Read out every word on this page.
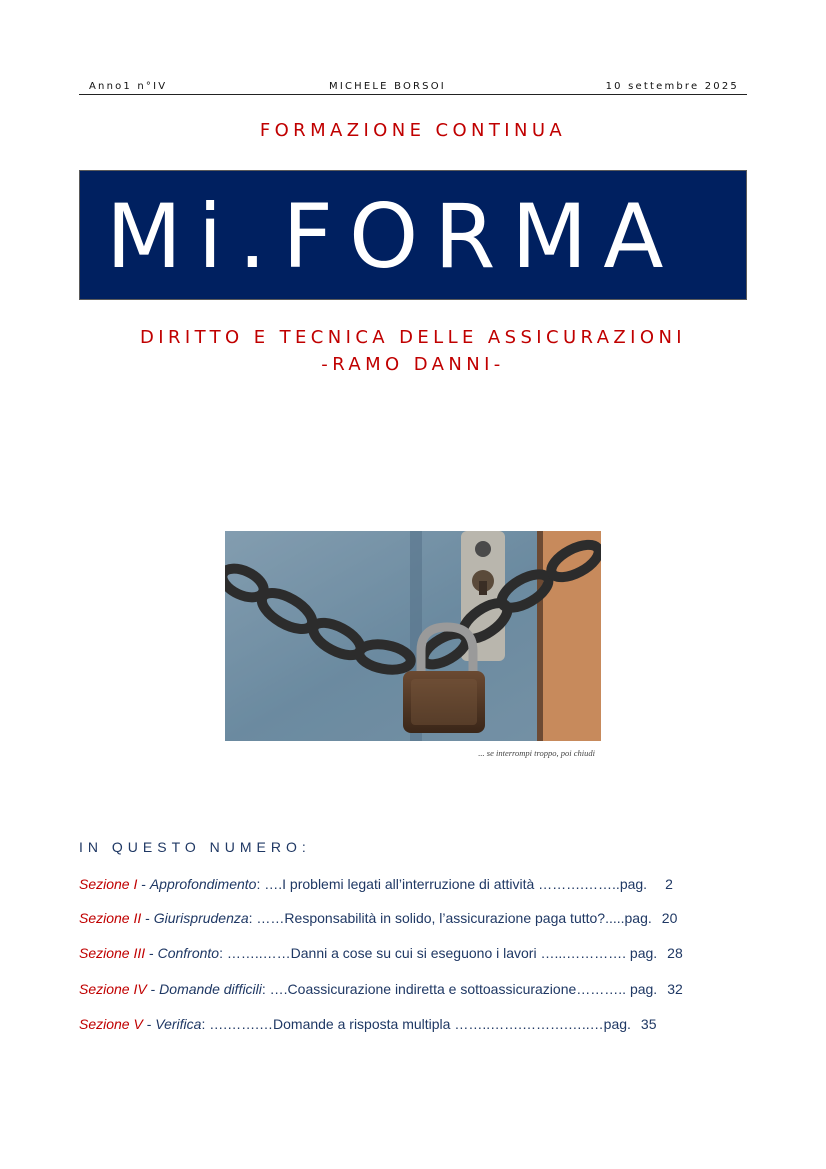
Anno1 n°IV	MICHELE BORSOI	10 settembre 2025
FORMAZIONE CONTINUA
Mi.FORMA
DIRITTO E TECNICA DELLE ASSICURAZIONI
-RAMO DANNI-
... se interrompi troppo, poi chiudi
IN QUESTO NUMERO:
Sezione I - Approfondimento: ….I problemi legati all’interruzione di attività ……….……..pag. 2
Sezione II - Giurisprudenza: ……Responsabilità in solido, l’assicurazione paga tutto?.....pag. 20
Sezione III - Confronto: ……..……Danni a cose su cui si eseguono i lavori …...…………. pag. 28
Sezione IV - Domande difficili: ….Coassicurazione indiretta e sottoassicurazione……….. pag. 32
Sezione V - Verifica: ….…….…Domande a risposta multipla ……..…….……….…..…pag. 35
